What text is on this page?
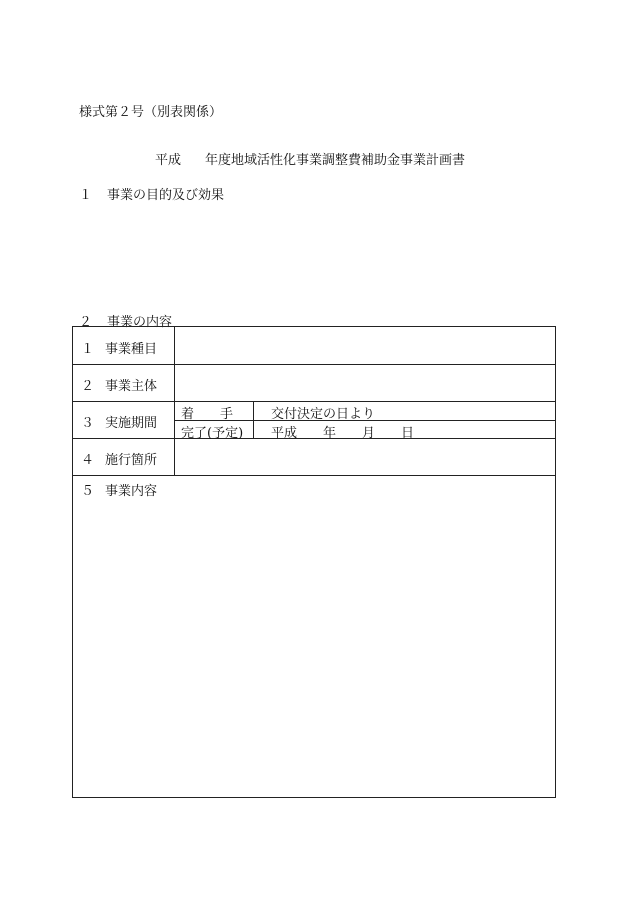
様式第２号（別表関係）
平成 年度地域活性化事業調整費補助金事業計画書
１ 事業の目的及び効果
２ 事業の内容
１ 事業種目
２ 事業主体
３ 実施期間
着　　手	交付決定の日より
完了(予定) 平成　　年　　月　　日
４ 施行箇所
５ 事業内容
